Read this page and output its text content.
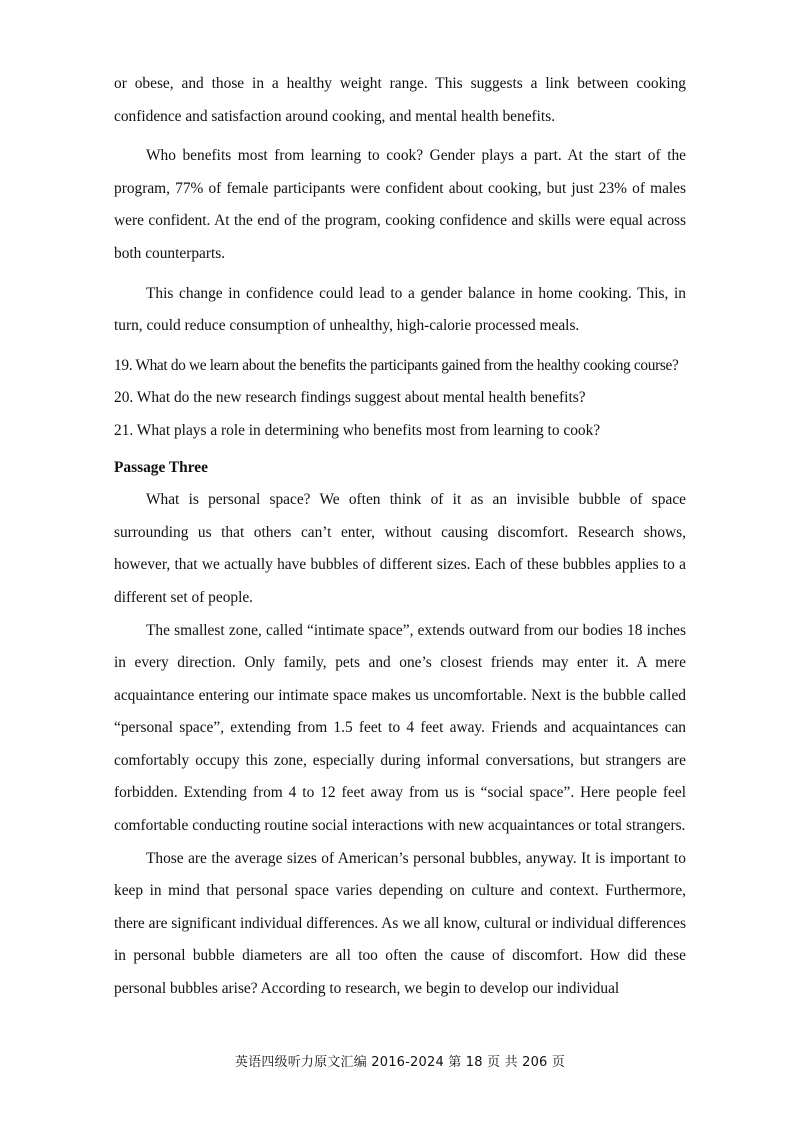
or obese, and those in a healthy weight range. This suggests a link between cooking confidence and satisfaction around cooking, and mental health benefits.

Who benefits most from learning to cook? Gender plays a part. At the start of the program, 77% of female participants were confident about cooking, but just 23% of males were confident. At the end of the program, cooking confidence and skills were equal across both counterparts.

This change in confidence could lead to a gender balance in home cooking. This, in turn, could reduce consumption of unhealthy, high-calorie processed meals.

19. What do we learn about the benefits the participants gained from the healthy cooking course?

20. What do the new research findings suggest about mental health benefits?

21. What plays a role in determining who benefits most from learning to cook?

Passage Three

What is personal space? We often think of it as an invisible bubble of space surrounding us that others can’t enter, without causing discomfort. Research shows, however, that we actually have bubbles of different sizes. Each of these bubbles applies to a different set of people.

The smallest zone, called “intimate space”, extends outward from our bodies 18 inches in every direction. Only family, pets and one’s closest friends may enter it. A mere acquaintance entering our intimate space makes us uncomfortable. Next is the bubble called “personal space”, extending from 1.5 feet to 4 feet away. Friends and acquaintances can comfortably occupy this zone, especially during informal conversations, but strangers are forbidden. Extending from 4 to 12 feet away from us is “social space”. Here people feel comfortable conducting routine social interactions with new acquaintances or total strangers.

Those are the average sizes of American’s personal bubbles, anyway. It is important to keep in mind that personal space varies depending on culture and context. Furthermore, there are significant individual differences. As we all know, cultural or individual differences in personal bubble diameters are all too often the cause of discomfort. How did these personal bubbles arise? According to research, we begin to develop our individual

英语四级听力原文汇编 2016-2024 第 18 页 共 206 页
